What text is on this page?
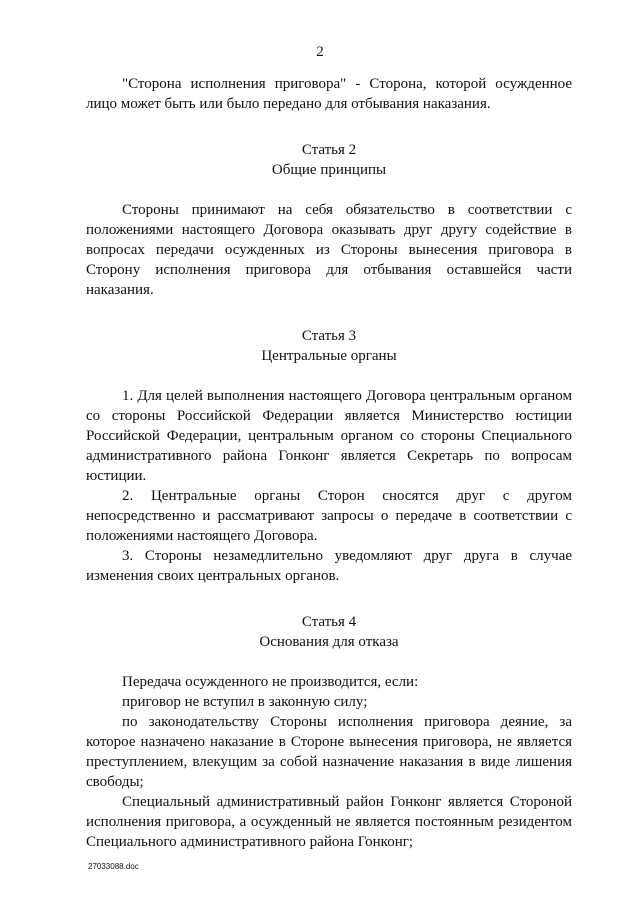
2

"Сторона исполнения приговора" - Сторона, которой осужденное лицо может быть или было передано для отбывания наказания.

Статья 2
Общие принципы

Стороны принимают на себя обязательство в соответствии с положениями настоящего Договора оказывать друг другу содействие в вопросах передачи осужденных из Стороны вынесения приговора в Сторону исполнения приговора для отбывания оставшейся части наказания.

Статья 3
Центральные органы

1. Для целей выполнения настоящего Договора центральным органом со стороны Российской Федерации является Министерство юстиции Российской Федерации, центральным органом со стороны Специального административного района Гонконг является Секретарь по вопросам юстиции.

2. Центральные органы Сторон сносятся друг с другом непосредственно и рассматривают запросы о передаче в соответствии с положениями настоящего Договора.

3. Стороны незамедлительно уведомляют друг друга в случае изменения своих центральных органов.

Статья 4
Основания для отказа

Передача осужденного не производится, если:

приговор не вступил в законную силу;

по законодательству Стороны исполнения приговора деяние, за которое назначено наказание в Стороне вынесения приговора, не является преступлением, влекущим за собой назначение наказания в виде лишения свободы;

Специальный административный район Гонконг является Стороной исполнения приговора, а осужденный не является постоянным резидентом Специального административного района Гонконг;

27033088.doc
